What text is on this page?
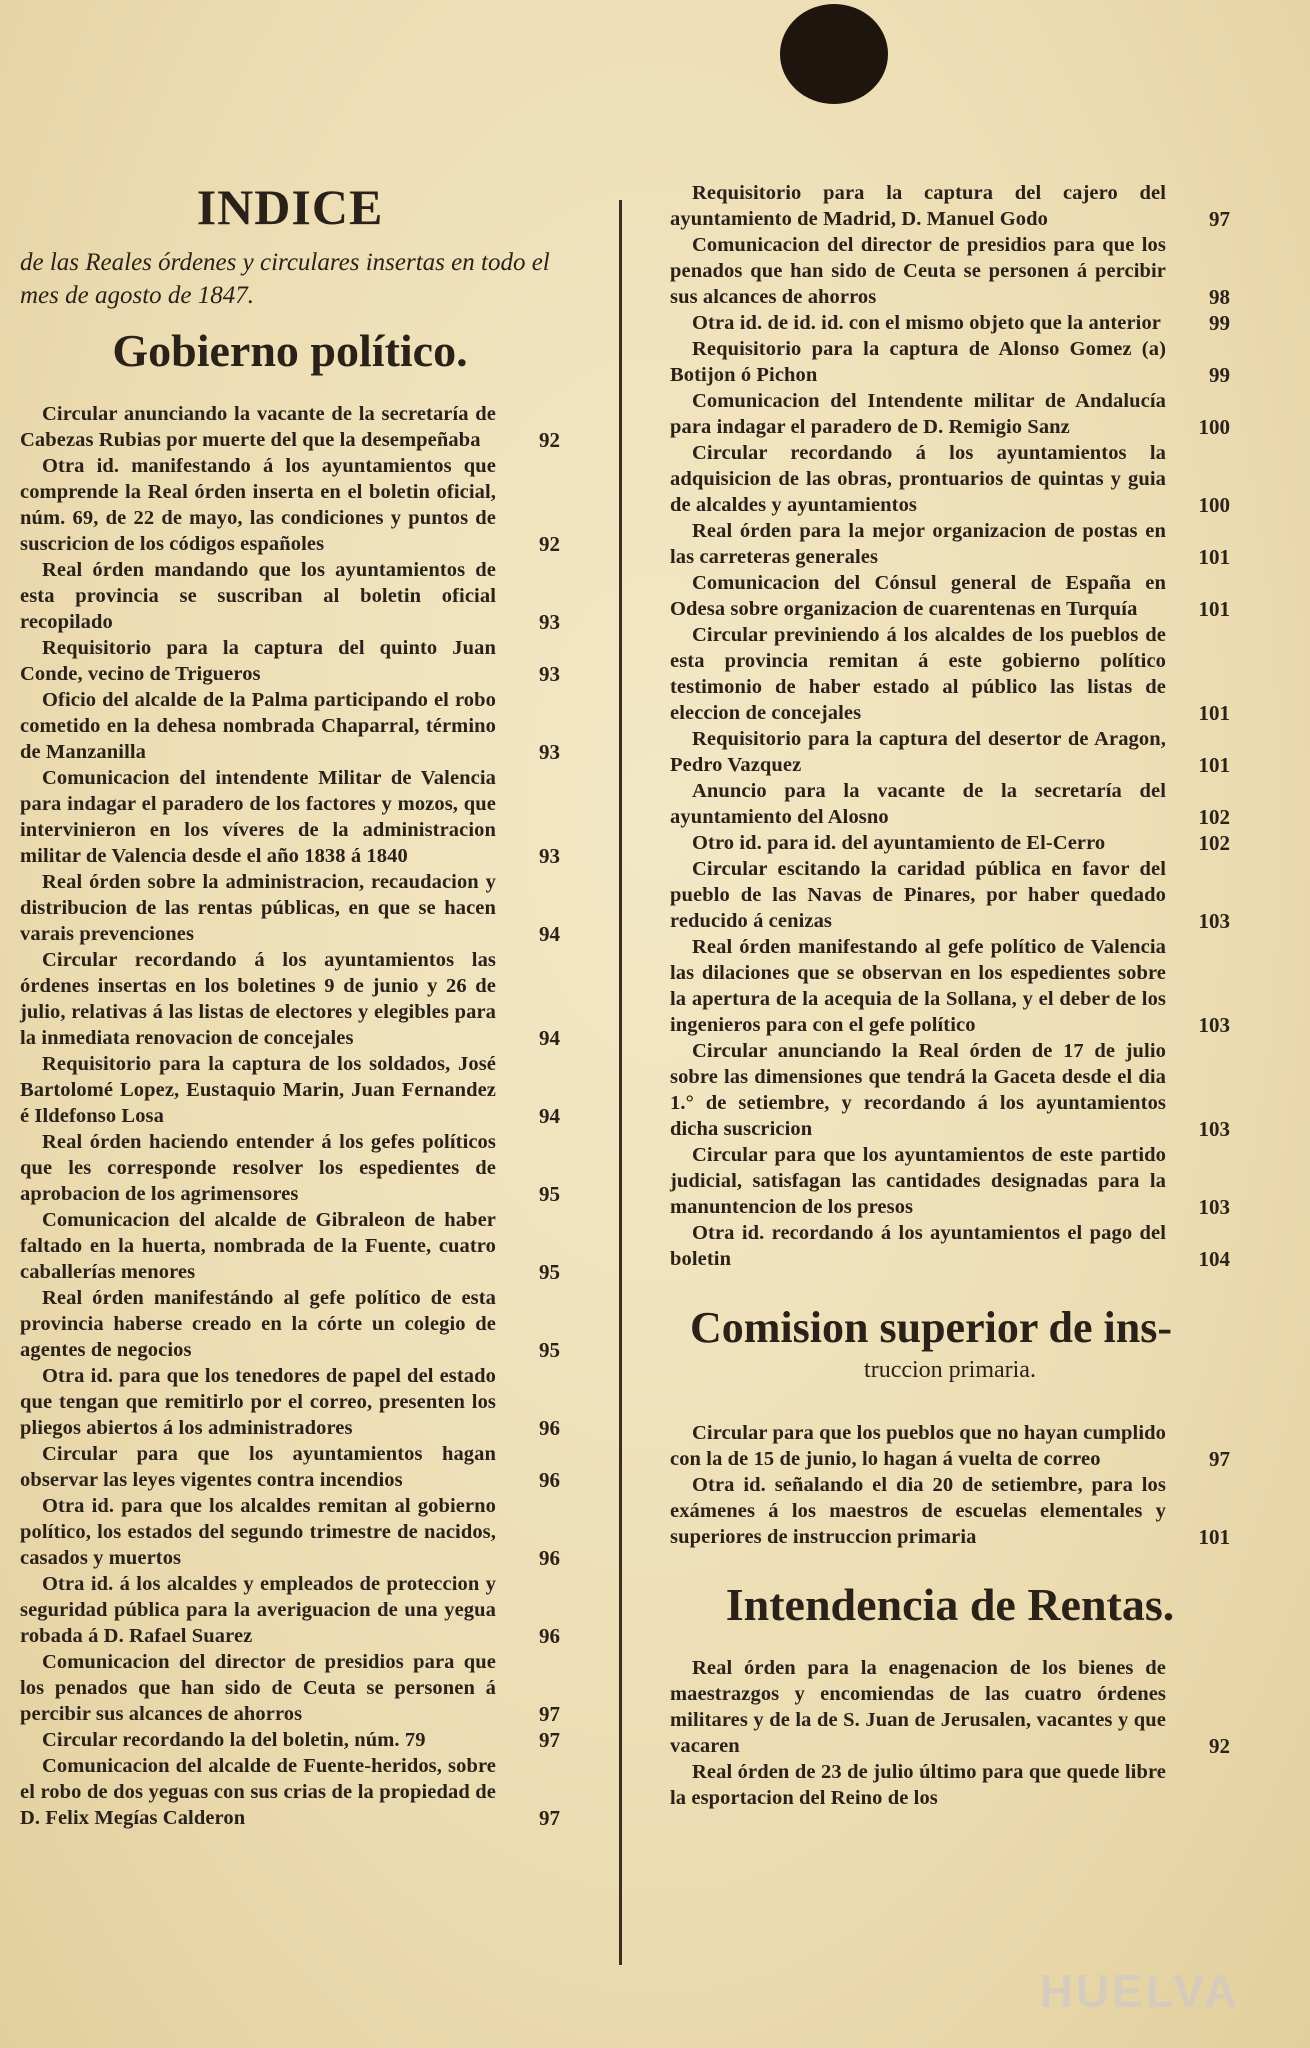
INDICE
de las Reales órdenes y circulares insertas en todo el mes de agosto de 1847.
Gobierno político.
Circular anunciando la vacante de la secretaría de Cabezas Rubias por muerte del que la desempeñaba	92
Otra id. manifestando á los ayuntamientos que comprende la Real órden inserta en el boletin oficial, núm. 69, de 22 de mayo, las condiciones y puntos de suscricion de los códigos españoles	92
Real órden mandando que los ayuntamientos de esta provincia se suscriban al boletin oficial recopilado	93
Requisitorio para la captura del quinto Juan Conde, vecino de Trigueros	93
Oficio del alcalde de la Palma participando el robo cometido en la dehesa nombrada Chaparral, término de Manzanilla	93
Comunicacion del intendente Militar de Valencia para indagar el paradero de los factores y mozos, que intervinieron en los víveres de la administracion militar de Valencia desde el año 1838 á 1840	93
Real órden sobre la administracion, recaudacion y distribucion de las rentas públicas, en que se hacen varais prevenciones	94
Circular recordando á los ayuntamientos las órdenes insertas en los boletines 9 de junio y 26 de julio, relativas á las listas de electores y elegibles para la inmediata renovacion de concejales	94
Requisitorio para la captura de los soldados, José Bartolomé Lopez, Eustaquio Marin, Juan Fernandez é Ildefonso Losa	94
Real órden haciendo entender á los gefes políticos que les corresponde resolver los espedientes de aprobacion de los agrimensores	95
Comunicacion del alcalde de Gibraleon de haber faltado en la huerta, nombrada de la Fuente, cuatro caballerías menores	95
Real órden manifestándo al gefe político de esta provincia haberse creado en la córte un colegio de agentes de negocios	95
Otra id. para que los tenedores de papel del estado que tengan que remitirlo por el correo, presenten los pliegos abiertos á los administradores	96
Circular para que los ayuntamientos hagan observar las leyes vigentes contra incendios	96
Otra id. para que los alcaldes remitan al gobierno político, los estados del segundo trimestre de nacidos, casados y muertos	96
Otra id. á los alcaldes y empleados de proteccion y seguridad pública para la averiguacion de una yegua robada á D. Rafael Suarez	96
Comunicacion del director de presidios para que los penados que han sido de Ceuta se personen á percibir sus alcances de ahorros	97
Circular recordando la del boletin, núm. 79	97
Comunicacion del alcalde de Fuente-heridos, sobre el robo de dos yeguas con sus crias de la propiedad de D. Felix Megías Calderon	97
Requisitorio para la captura del cajero del ayuntamiento de Madrid, D. Manuel Godo	97
Comunicacion del director de presidios para que los penados que han sido de Ceuta se personen á percibir sus alcances de ahorros	98
Otra id. de id. id. con el mismo objeto que la anterior	99
Requisitorio para la captura de Alonso Gomez (a) Botijon ó Pichon	99
Comunicacion del Intendente militar de Andalucía para indagar el paradero de D. Remigio Sanz	100
Circular recordando á los ayuntamientos la adquisicion de las obras, prontuarios de quintas y guia de alcaldes y ayuntamientos	100
Real órden para la mejor organizacion de postas en las carreteras generales	101
Comunicacion del Cónsul general de España en Odesa sobre organizacion de cuarentenas en Turquía	101
Circular previniendo á los alcaldes de los pueblos de esta provincia remitan á este gobierno político testimonio de haber estado al público las listas de eleccion de concejales	101
Requisitorio para la captura del desertor de Aragon, Pedro Vazquez	101
Anuncio para la vacante de la secretaría del ayuntamiento del Alosno	102
Otro id. para id. del ayuntamiento de El-Cerro	102
Circular escitando la caridad pública en favor del pueblo de las Navas de Pinares, por haber quedado reducido á cenizas	103
Real órden manifestando al gefe político de Valencia las dilaciones que se observan en los espedientes sobre la apertura de la acequia de la Sollana, y el deber de los ingenieros para con el gefe político	103
Circular anunciando la Real órden de 17 de julio sobre las dimensiones que tendrá la Gaceta desde el dia 1.° de setiembre, y recordando á los ayuntamientos dicha suscricion	103
Circular para que los ayuntamientos de este partido judicial, satisfagan las cantidades designadas para la manuntencion de los presos	103
Otra id. recordando á los ayuntamientos el pago del boletin	104
Comision superior de ins-
truccion primaria.
Circular para que los pueblos que no hayan cumplido con la de 15 de junio, lo hagan á vuelta de correo	97
Otra id. señalando el dia 20 de setiembre, para los exámenes á los maestros de escuelas elementales y superiores de instruccion primaria	101
Intendencia de Rentas.
Real órden para la enagenacion de los bienes de maestrazgos y encomiendas de las cuatro órdenes militares y de la de S. Juan de Jerusalen, vacantes y que vacaren	92
Real órden de 23 de julio último para que quede libre la esportacion del Reino de los
HUELVA
